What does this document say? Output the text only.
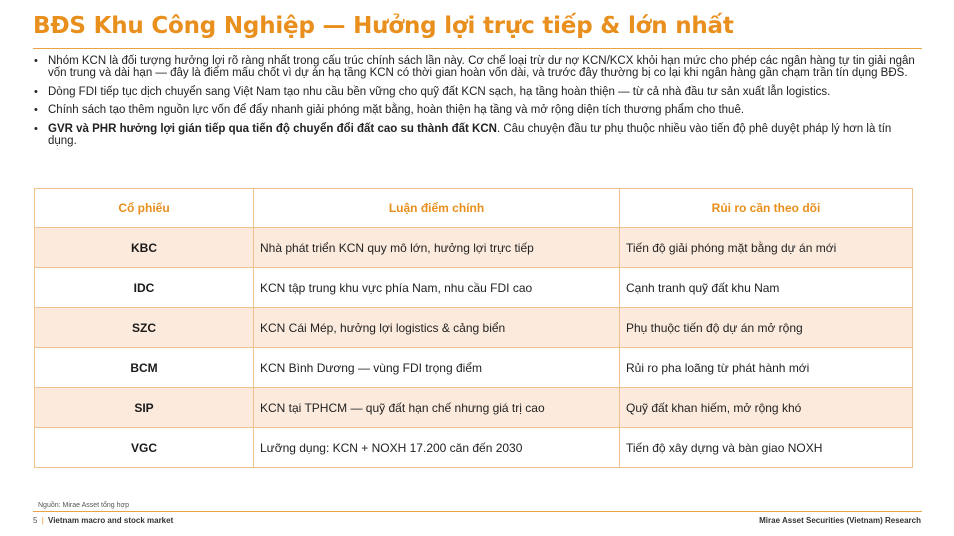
BĐS Khu Công Nghiệp — Hưởng lợi trực tiếp & lớn nhất
• Nhóm KCN là đối tượng hưởng lợi rõ ràng nhất trong cấu trúc chính sách lần này. Cơ chế loại trừ dư nợ KCN/KCX khỏi hạn mức cho phép các ngân hàng tự tin giải ngân vốn trung và dài hạn — đây là điểm mấu chốt vì dự án hạ tầng KCN có thời gian hoàn vốn dài, và trước đây thường bị co lại khi ngân hàng gần chạm trần tín dụng BĐS.
• Dòng FDI tiếp tục dịch chuyển sang Việt Nam tạo nhu cầu bền vững cho quỹ đất KCN sạch, hạ tầng hoàn thiện — từ cả nhà đầu tư sản xuất lẫn logistics.
• Chính sách tạo thêm nguồn lực vốn để đẩy nhanh giải phóng mặt bằng, hoàn thiện hạ tầng và mở rộng diện tích thương phẩm cho thuê.
• GVR và PHR hưởng lợi gián tiếp qua tiến độ chuyển đổi đất cao su thành đất KCN. Câu chuyện đầu tư phụ thuộc nhiều vào tiến độ phê duyệt pháp lý hơn là tín dụng.
Cổ phiếu	Luận điểm chính	Rủi ro cần theo dõi
KBC	Nhà phát triển KCN quy mô lớn, hưởng lợi trực tiếp	Tiến độ giải phóng mặt bằng dự án mới
IDC	KCN tập trung khu vực phía Nam, nhu cầu FDI cao	Cạnh tranh quỹ đất khu Nam
SZC	KCN Cái Mép, hưởng lợi logistics & cảng biển	Phụ thuộc tiến độ dự án mở rộng
BCM	KCN Bình Dương — vùng FDI trọng điểm	Rủi ro pha loãng từ phát hành mới
SIP	KCN tại TPHCM — quỹ đất hạn chế nhưng giá trị cao	Quỹ đất khan hiếm, mở rộng khó
VGC	Lưỡng dụng: KCN + NOXH 17.200 căn đến 2030	Tiến độ xây dựng và bàn giao NOXH
Nguồn: Mirae Asset tổng hợp
5 | Vietnam macro and stock market	Mirae Asset Securities (Vietnam) Research
